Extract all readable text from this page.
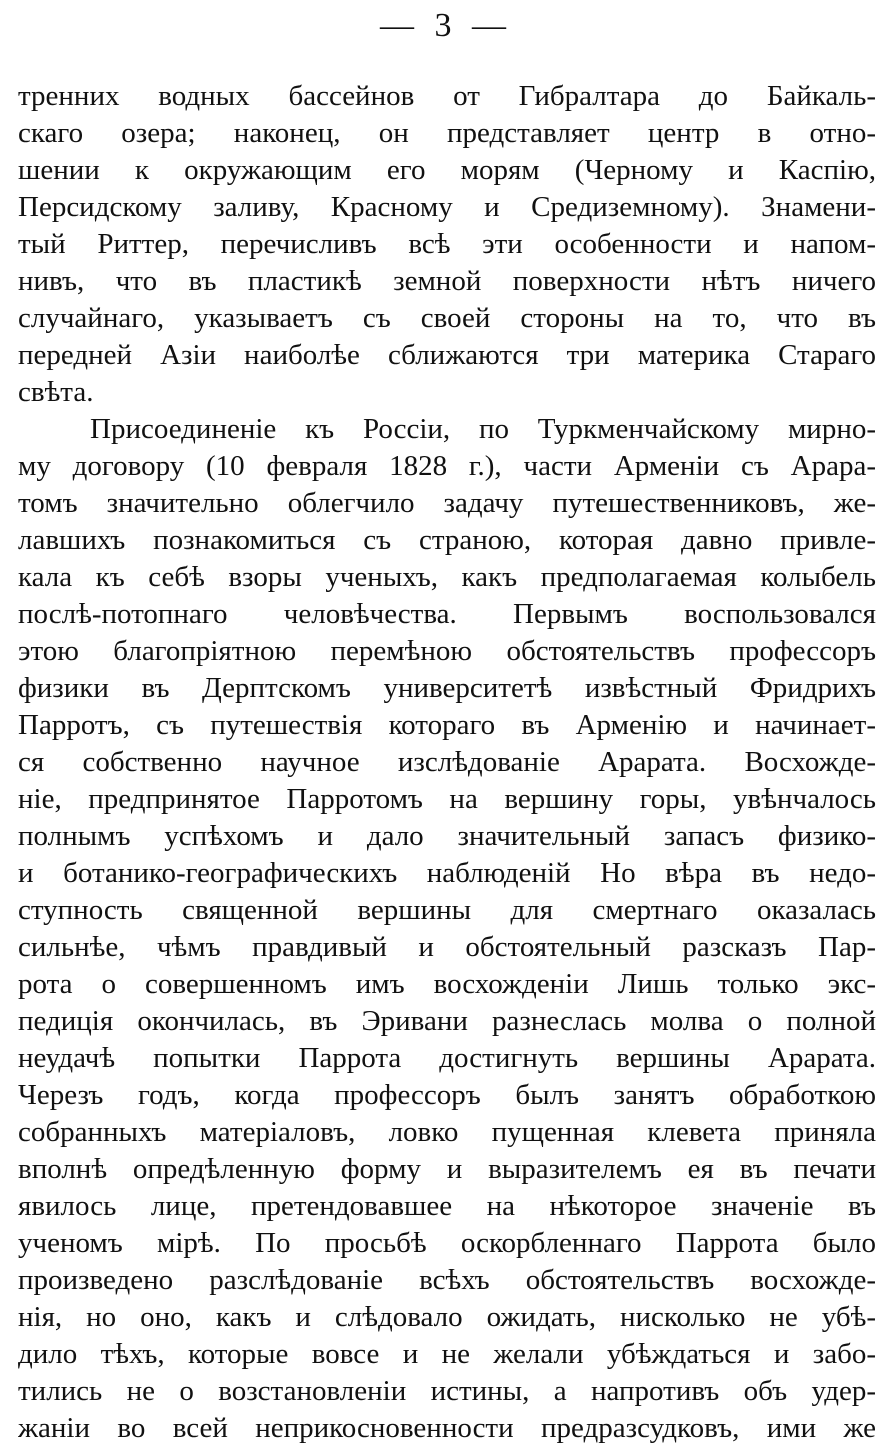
— 3 —
тренних водных бассейнов от Гибралтара до Байкаль-
скаго озера; наконец, он представляет центр в отно-
шении к окружающим его морям (Черному и Каспію,
Персидскому заливу, Красному и Средиземному). Знамени-
тый Риттер, перечисливъ всѣ эти особенности и напом-
нивъ, что въ пластикѣ земной поверхности нѣтъ ничего
случайнаго, указываетъ съ своей стороны на то, что въ
передней Азіи наиболѣе сближаются три материка Стараго
свѣта.
Присоединеніе къ Россіи, по Туркменчайскому мирно-
му договору (10 февраля 1828 г.), части Арменіи съ Арара-
томъ значительно облегчило задачу путешественниковъ, же-
лавшихъ познакомиться съ страною, которая давно привле-
кала къ себѣ взоры ученыхъ, какъ предполагаемая колыбель
послѣ-потопнаго человѣчества. Первымъ воспользовался
этою благопріятною перемѣною обстоятельствъ профессоръ
физики въ Дерптскомъ университетѣ извѣстный Фридрихъ
Парротъ, съ путешествія котораго въ Арменію и начинает-
ся собственно научное изслѣдованіе Арарата. Восхожде-
ніе, предпринятое Парротомъ на вершину горы, увѣнчалось
полнымъ успѣхомъ и дало значительный запасъ физико-
и ботанико-географическихъ наблюденій Но вѣра въ недо-
ступность священной вершины для смертнаго оказалась
сильнѣе, чѣмъ правдивый и обстоятельный разсказъ Пар-
рота о совершенномъ имъ восхожденіи Лишь только экс-
педиція окончилась, въ Эривани разнеслась молва о полной
неудачѣ попытки Паррота достигнуть вершины Арарата.
Черезъ годъ, когда профессоръ былъ занятъ обработкою
собранныхъ матеріаловъ, ловко пущенная клевета приняла
вполнѣ опредѣленную форму и выразителемъ ея въ печати
явилось лице, претендовавшее на нѣкоторое значеніе въ
ученомъ мірѣ. По просьбѣ оскорбленнаго Паррота было
произведено разслѣдованіе всѣхъ обстоятельствъ восхожде-
нія, но оно, какъ и слѣдовало ожидать, нисколько не убѣ-
дило тѣхъ, которые вовсе и не желали убѣждаться и забо-
тились не о возстановленіи истины, а напротивъ объ удер-
жаніи во всей неприкосновенности предразсудковъ, ими же
